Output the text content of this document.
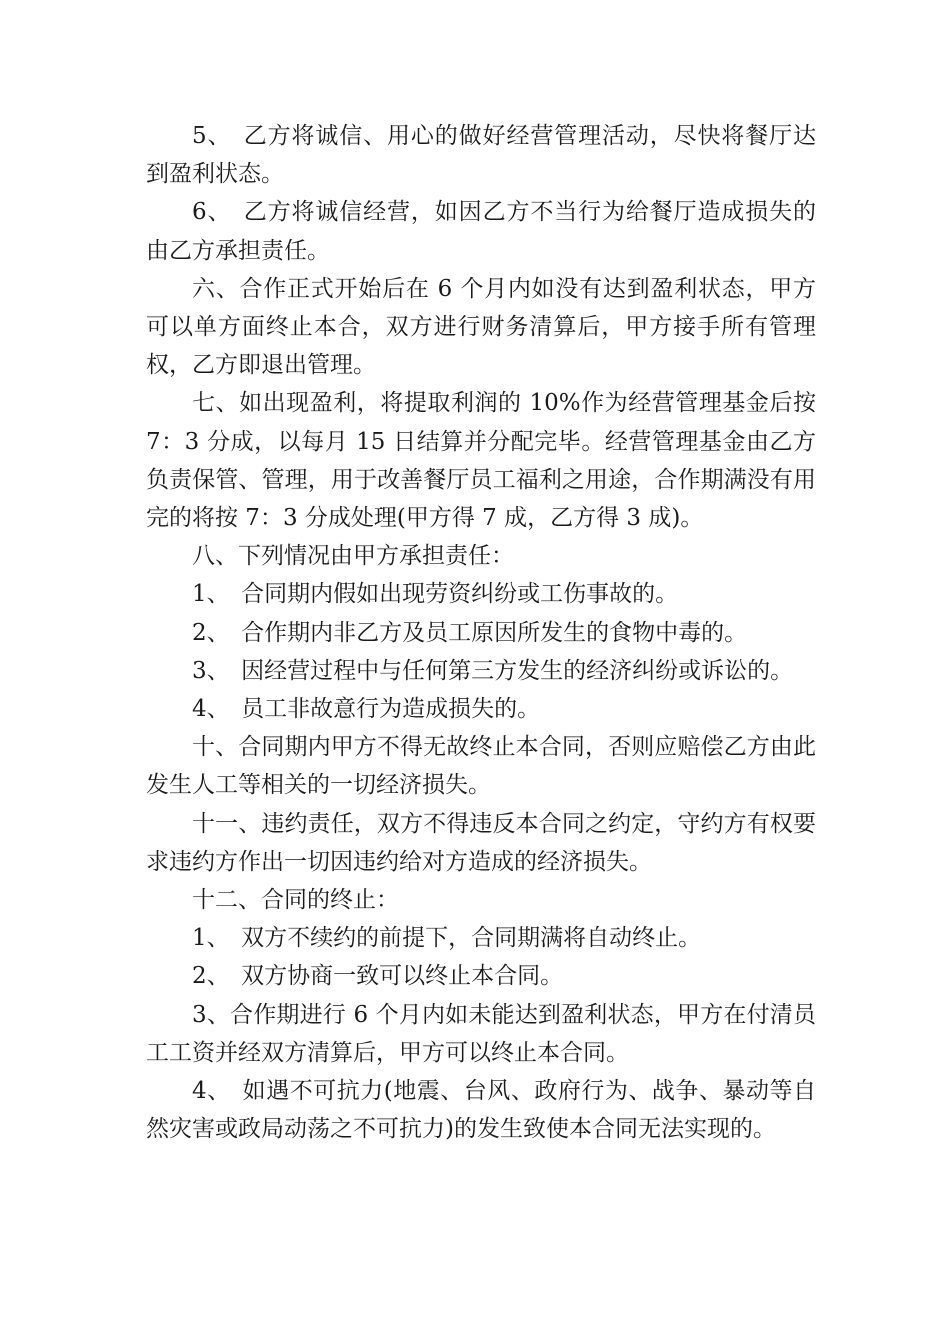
5、　乙方将诚信、用心的做好经营管理活动，尽快将餐厅达到盈利状态。

6、　乙方将诚信经营，如因乙方不当行为给餐厅造成损失的由乙方承担责任。

六、合作正式开始后在 6 个月内如没有达到盈利状态，甲方可以单方面终止本合，双方进行财务清算后，甲方接手所有管理权，乙方即退出管理。

七、如出现盈利，将提取利润的 10%作为经营管理基金后按 7：3 分成，以每月 15 日结算并分配完毕。经营管理基金由乙方负责保管、管理，用于改善餐厅员工福利之用途，合作期满没有用完的将按 7：3 分成处理(甲方得 7 成，乙方得 3 成)。

八、下列情况由甲方承担责任：

1、　合同期内假如出现劳资纠纷或工伤事故的。

2、　合作期内非乙方及员工原因所发生的食物中毒的。

3、　因经营过程中与任何第三方发生的经济纠纷或诉讼的。

4、　员工非故意行为造成损失的。

十、合同期内甲方不得无故终止本合同，否则应赔偿乙方由此发生人工等相关的一切经济损失。

十一、违约责任，双方不得违反本合同之约定，守约方有权要求违约方作出一切因违约给对方造成的经济损失。

十二、合同的终止：

1、　双方不续约的前提下，合同期满将自动终止。

2、　双方协商一致可以终止本合同。

3、合作期进行 6 个月内如未能达到盈利状态，甲方在付清员工工资并经双方清算后，甲方可以终止本合同。

4、　如遇不可抗力(地震、台风、政府行为、战争、暴动等自然灾害或政局动荡之不可抗力)的发生致使本合同无法实现的。
